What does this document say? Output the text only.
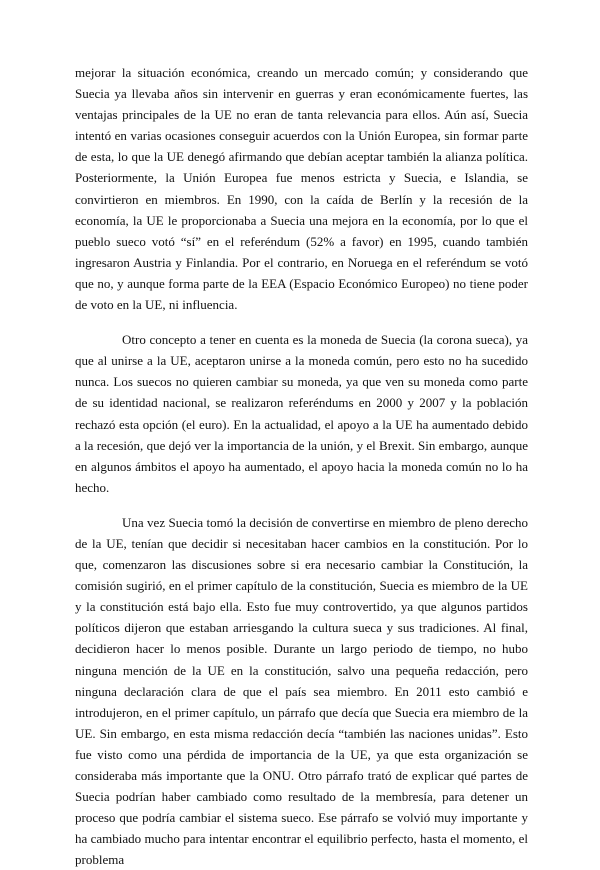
mejorar la situación económica, creando un mercado común; y considerando que Suecia ya llevaba años sin intervenir en guerras y eran económicamente fuertes, las ventajas principales de la UE no eran de tanta relevancia para ellos. Aún así, Suecia intentó en varias ocasiones conseguir acuerdos con la Unión Europea, sin formar parte de esta, lo que la UE denegó afirmando que debían aceptar también la alianza política. Posteriormente, la Unión Europea fue menos estricta y Suecia, e Islandia, se convirtieron en miembros. En 1990, con la caída de Berlín y la recesión de la economía, la UE le proporcionaba a Suecia una mejora en la economía, por lo que el pueblo sueco votó “sí” en el referéndum (52% a favor) en 1995, cuando también ingresaron Austria y Finlandia. Por el contrario, en Noruega en el referéndum se votó que no, y aunque forma parte de la EEA (Espacio Económico Europeo) no tiene poder de voto en la UE, ni influencia.

Otro concepto a tener en cuenta es la moneda de Suecia (la corona sueca), ya que al unirse a la UE, aceptaron unirse a la moneda común, pero esto no ha sucedido nunca. Los suecos no quieren cambiar su moneda, ya que ven su moneda como parte de su identidad nacional, se realizaron referéndums en 2000 y 2007 y la población rechazó esta opción (el euro). En la actualidad, el apoyo a la UE ha aumentado debido a la recesión, que dejó ver la importancia de la unión, y el Brexit. Sin embargo, aunque en algunos ámbitos el apoyo ha aumentado, el apoyo hacia la moneda común no lo ha hecho.

Una vez Suecia tomó la decisión de convertirse en miembro de pleno derecho de la UE, tenían que decidir si necesitaban hacer cambios en la constitución. Por lo que, comenzaron las discusiones sobre si era necesario cambiar la Constitución, la comisión sugirió, en el primer capítulo de la constitución, Suecia es miembro de la UE y la constitución está bajo ella. Esto fue muy controvertido, ya que algunos partidos políticos dijeron que estaban arriesgando la cultura sueca y sus tradiciones. Al final, decidieron hacer lo menos posible. Durante un largo periodo de tiempo, no hubo ninguna mención de la UE en la constitución, salvo una pequeña redacción, pero ninguna declaración clara de que el país sea miembro. En 2011 esto cambió e introdujeron, en el primer capítulo, un párrafo que decía que Suecia era miembro de la UE. Sin embargo, en esta misma redacción decía “también las naciones unidas”. Esto fue visto como una pérdida de importancia de la UE, ya que esta organización se consideraba más importante que la ONU. Otro párrafo trató de explicar qué partes de Suecia podrían haber cambiado como resultado de la membresía, para detener un proceso que podría cambiar el sistema sueco. Ese párrafo se volvió muy importante y ha cambiado mucho para intentar encontrar el equilibrio perfecto, hasta el momento, el problema
